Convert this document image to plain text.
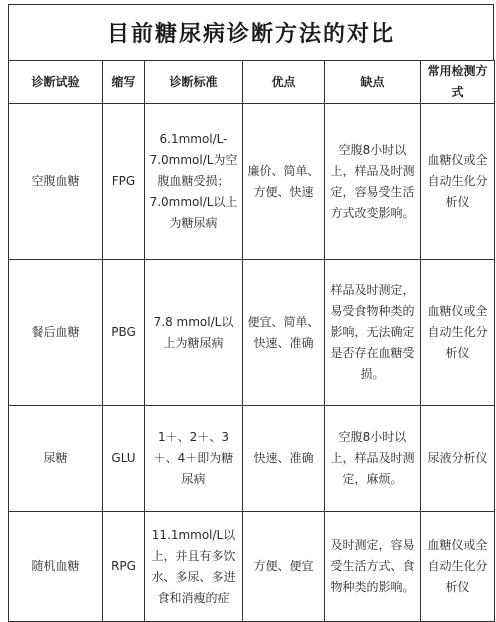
目前糖尿病诊断方法的对比
诊断试验	缩写	诊断标准	优点	缺点	常用检测方式
空腹血糖	FPG	6.1mmol/L-7.0mmol/L为空腹血糖受损；7.0mmol/L以上为糖尿病	廉价、简单、方便、快速	空腹8小时以上，样品及时测定，容易受生活方式改变影响。	血糖仪或全自动生化分析仪
餐后血糖	PBG	7.8 mmol/L以上为糖尿病	便宜、简单、快速、准确	样品及时测定，易受食物种类的影响，无法确定是否存在血糖受损。	血糖仪或全自动生化分析仪
尿糖	GLU	1＋、2＋、3＋、4＋即为糖尿病	快速、准确	空腹8小时以上，样品及时测定，麻烦。	尿液分析仪
随机血糖	RPG	11.1mmol/L以上，并且有多饮水、多尿、多进食和消瘦的症	方便、便宜	及时测定，容易受生活方式、食物种类的影响。	血糖仪或全自动生化分析仪
